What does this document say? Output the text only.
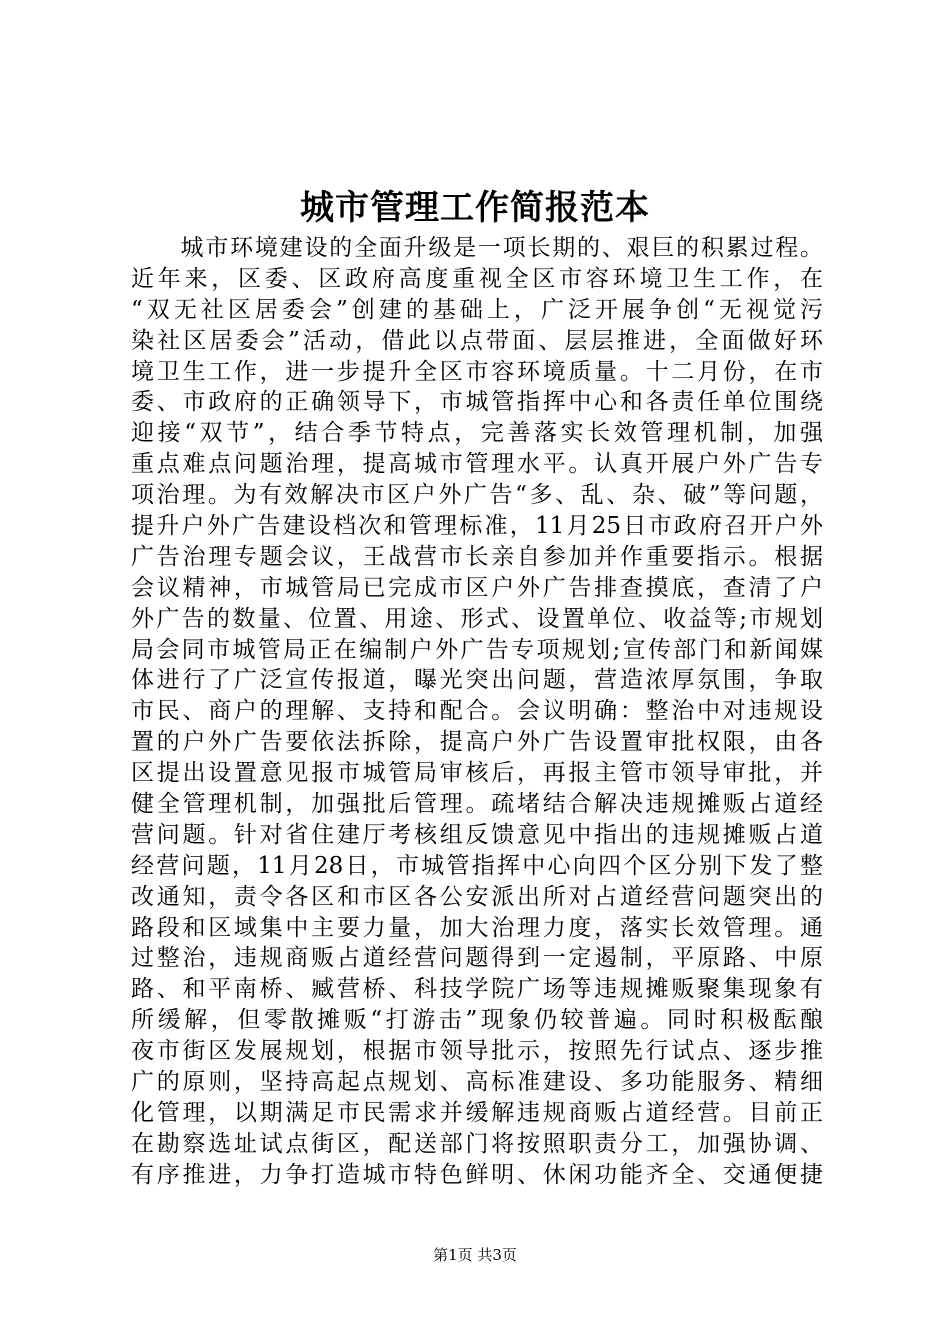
城市管理工作简报范本
　　城市环境建设的全面升级是一项长期的、艰巨的积累过程。
近年来，区委、区政府高度重视全区市容环境卫生工作，在
“双无社区居委会”创建的基础上，广泛开展争创“无视觉污
染社区居委会”活动，借此以点带面、层层推进，全面做好环
境卫生工作，进一步提升全区市容环境质量。十二月份，在市
委、市政府的正确领导下，市城管指挥中心和各责任单位围绕
迎接“双节”，结合季节特点，完善落实长效管理机制，加强
重点难点问题治理，提高城市管理水平。认真开展户外广告专
项治理。为有效解决市区户外广告“多、乱、杂、破”等问题，
提升户外广告建设档次和管理标准，11月25日市政府召开户外
广告治理专题会议，王战营市长亲自参加并作重要指示。根据
会议精神，市城管局已完成市区户外广告排查摸底，查清了户
外广告的数量、位置、用途、形式、设置单位、收益等;市规划
局会同市城管局正在编制户外广告专项规划;宣传部门和新闻媒
体进行了广泛宣传报道，曝光突出问题，营造浓厚氛围，争取
市民、商户的理解、支持和配合。会议明确：整治中对违规设
置的户外广告要依法拆除，提高户外广告设置审批权限，由各
区提出设置意见报市城管局审核后，再报主管市领导审批，并
健全管理机制，加强批后管理。疏堵结合解决违规摊贩占道经
营问题。针对省住建厅考核组反馈意见中指出的违规摊贩占道
经营问题，11月28日，市城管指挥中心向四个区分别下发了整
改通知，责令各区和市区各公安派出所对占道经营问题突出的
路段和区域集中主要力量，加大治理力度，落实长效管理。通
过整治，违规商贩占道经营问题得到一定遏制，平原路、中原
路、和平南桥、臧营桥、科技学院广场等违规摊贩聚集现象有
所缓解，但零散摊贩“打游击”现象仍较普遍。同时积极酝酿
夜市街区发展规划，根据市领导批示，按照先行试点、逐步推
广的原则，坚持高起点规划、高标准建设、多功能服务、精细
化管理，以期满足市民需求并缓解违规商贩占道经营。目前正
在勘察选址试点街区，配送部门将按照职责分工，加强协调、
有序推进，力争打造城市特色鲜明、休闲功能齐全、交通便捷
第1页 共3页
